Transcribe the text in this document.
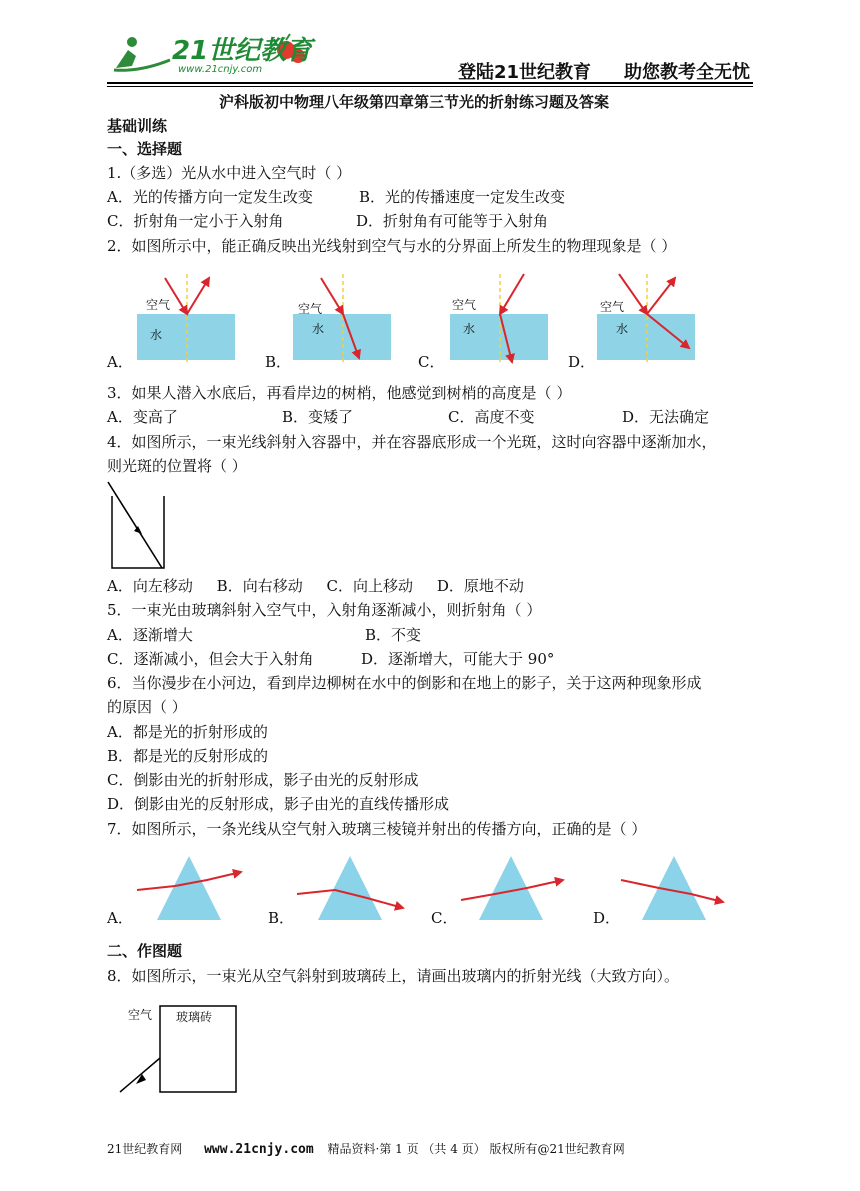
21世纪教育
www.21cnjy.com	登陆21世纪教育 助您教考全无忧
沪科版初中物理八年级第四章第三节光的折射练习题及答案
基础训练
一、选择题
1.（多选）光从水中进入空气时（ ）
A．光的传播方向一定发生改变	B．光的传播速度一定发生改变
C．折射角一定小于入射角	D．折射角有可能等于入射角
2．如图所示中，能正确反映出光线射到空气与水的分界面上所发生的物理现象是（ ）
空气
水
空气
水
空气
水
空气
水
A．	B．	C．	D．
3．如果人潜入水底后，再看岸边的树梢，他感觉到树梢的高度是（ ）
A．变高了	B．变矮了	C．高度不变	D．无法确定
4．如图所示，一束光线斜射入容器中，并在容器底形成一个光斑，这时向容器中逐渐加水，
则光斑的位置将（ ）
A．向左移动     B．向右移动     C．向上移动     D．原地不动
5．一束光由玻璃斜射入空气中，入射角逐渐减小，则折射角（ ）
A．逐渐增大	B．不变
C．逐渐减小，但会大于入射角	D．逐渐增大，可能大于 90°
6．当你漫步在小河边，看到岸边柳树在水中的倒影和在地上的影子，关于这两种现象形成
的原因（ ）
A．都是光的折射形成的
B．都是光的反射形成的
C．倒影由光的折射形成，影子由光的反射形成
D．倒影由光的反射形成，影子由光的直线传播形成
7．如图所示，一条光线从空气射入玻璃三棱镜并射出的传播方向，正确的是（ ）
A．	B．	C．	D．
二、作图题
8．如图所示，一束光从空气斜射到玻璃砖上，请画出玻璃内的折射光线（大致方向）。
空气 玻璃砖
21世纪教育网 www.21cnjy.com 精品资料·第 1 页 （共 4 页） 版权所有@21世纪教育网
